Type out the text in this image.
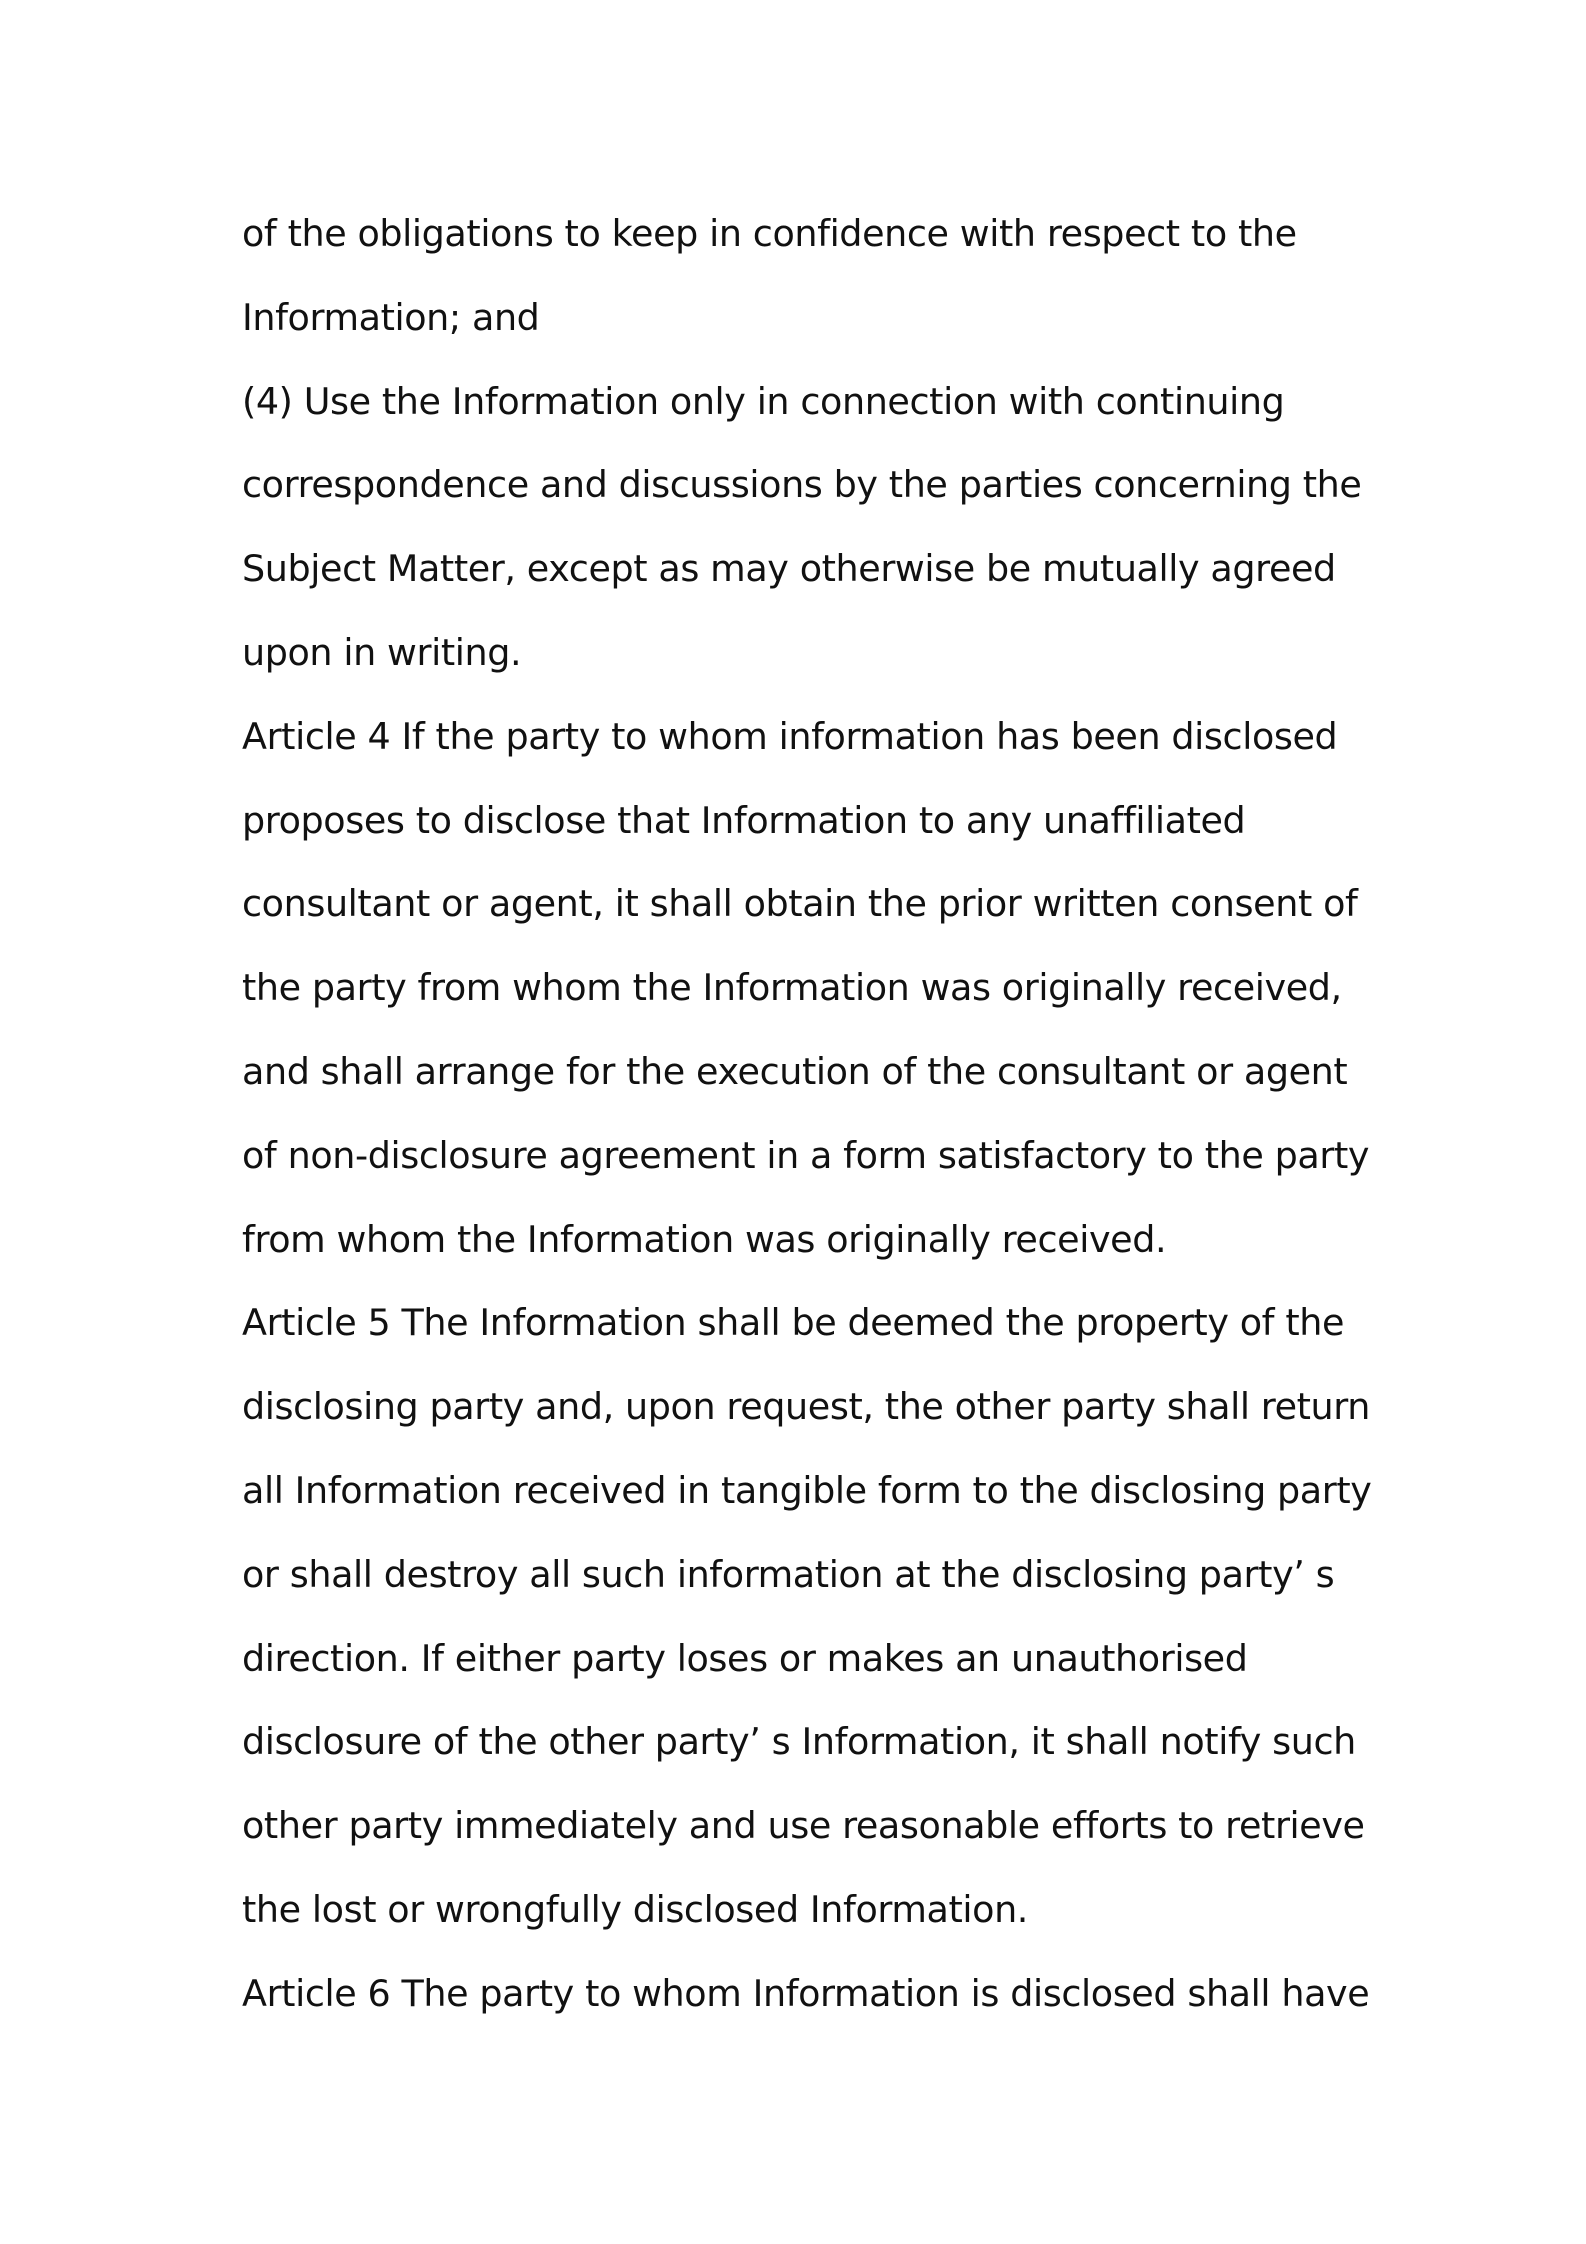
of the obligations to keep in confidence with respect to the
Information; and
(4) Use the Information only in connection with continuing
correspondence and discussions by the parties concerning the
Subject Matter, except as may otherwise be mutually agreed
upon in writing.
Article 4 If the party to whom information has been disclosed
proposes to disclose that Information to any unaffiliated
consultant or agent, it shall obtain the prior written consent of
the party from whom the Information was originally received,
and shall arrange for the execution of the consultant or agent
of non-disclosure agreement in a form satisfactory to the party
from whom the Information was originally received.
Article 5 The Information shall be deemed the property of the
disclosing party and, upon request, the other party shall return
all Information received in tangible form to the disclosing party
or shall destroy all such information at the disclosing party’ s
direction. If either party loses or makes an unauthorised
disclosure of the other party’ s Information, it shall notify such
other party immediately and use reasonable efforts to retrieve
the lost or wrongfully disclosed Information.
Article 6 The party to whom Information is disclosed shall have
